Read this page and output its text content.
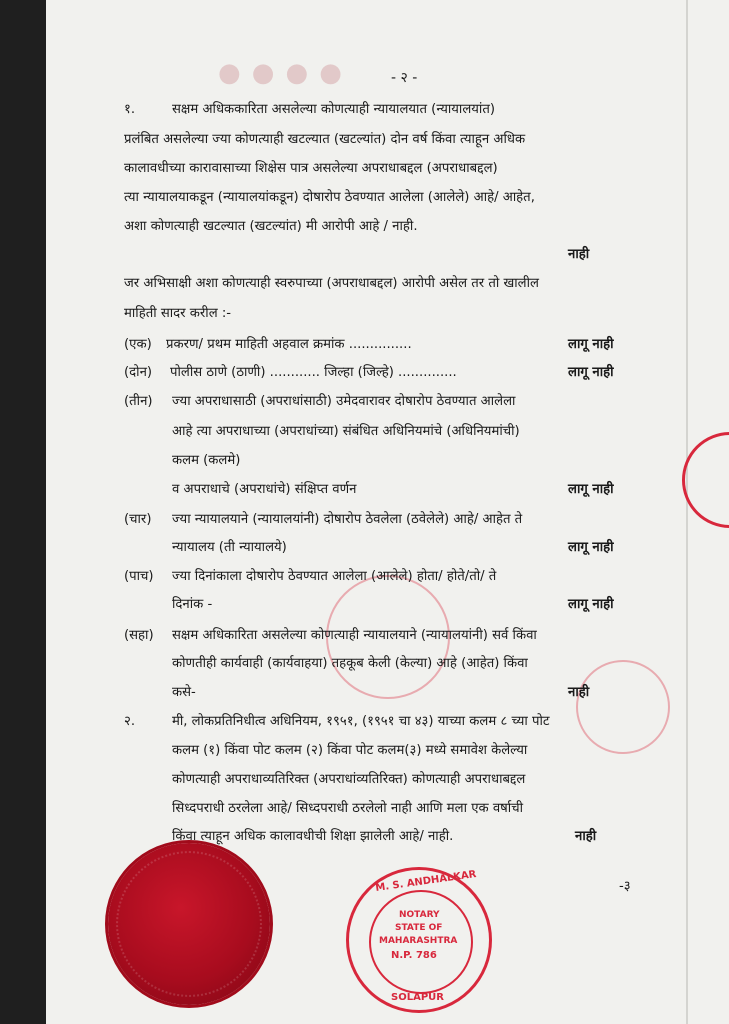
● ● ● ●	- २ -
१.	सक्षम अधिककारिता असलेल्या कोणत्याही न्यायालयात (न्यायालयांत)
प्रलंबित असलेल्या ज्या कोणत्याही खटल्यात (खटल्यांत) दोन वर्ष किंवा त्याहून अधिक
कालावधीच्या कारावासाच्या शिक्षेस पात्र असलेल्या अपराधाबद्दल (अपराधाबद्दल)
त्या न्यायालयाकडून (न्यायालयांकडून) दोषारोप ठेवण्यात आलेला (आलेले) आहे/ आहेत,
अशा कोणत्याही खटल्यात (खटल्यांत) मी आरोपी आहे / नाही.
नाही
जर अभिसाक्षी अशा कोणत्याही स्वरुपाच्या (अपराधाबद्दल) आरोपी असेल तर तो खालील
माहिती सादर करील :-
(एक) प्रकरण/ प्रथम माहिती अहवाल क्रमांक ...............	लागू नाही
(दोन) पोलीस ठाणे (ठाणी) ............ जिल्हा (जिल्हे) ..............	लागू नाही
(तीन) ज्या अपराधासाठी (अपराधांसाठी) उमेदवारावर दोषारोप ठेवण्यात आलेला
आहे त्या अपराधाच्या (अपराधांच्या) संबंधित अधिनियमांचे (अधिनियमांची)
कलम (कलमे)
व अपराधाचे (अपराधांचे) संक्षिप्त वर्णन	लागू नाही
(चार) ज्या न्यायालयाने (न्यायालयांनी) दोषारोप ठेवलेला (ठवेलेले) आहे/ आहेत ते
न्यायालय (ती न्यायालये)	लागू नाही
(पाच) ज्या दिनांकाला दोषारोप ठेवण्यात आलेला (आलेले) होता/ होते/तो/ ते
दिनांक -	लागू नाही
(सहा) सक्षम अधिकारिता असलेल्या कोणत्याही न्यायालयाने (न्यायालयांनी) सर्व किंवा
कोणतीही कार्यवाही (कार्यवाहया) तहकूब केली (केल्या) आहे (आहेत) किंवा
कसे-	नाही
२.	मी, लोकप्रतिनिधीत्व अधिनियम, १९५१, (१९५१ चा ४३) याच्या कलम ८ च्या पोट
कलम (१) किंवा पोट कलम (२) किंवा पोट कलम(३) मध्ये समावेश केलेल्या
कोणत्याही अपराधाव्यतिरिक्त (अपराधांव्यतिरिक्त) कोणत्याही अपराधाबद्दल
सिध्दपराधी ठरलेला आहे/ सिध्दपराधी ठरलेलो नाही आणि मला एक वर्षाची
किंवा त्याहून अधिक कालावधीची शिक्षा झालेली आहे/ नाही.	नाही
-३
M. S. ANDHALKAR
NOTARY
STATE OF
MAHARASHTRA
N.P. 786
SOLAPUR
